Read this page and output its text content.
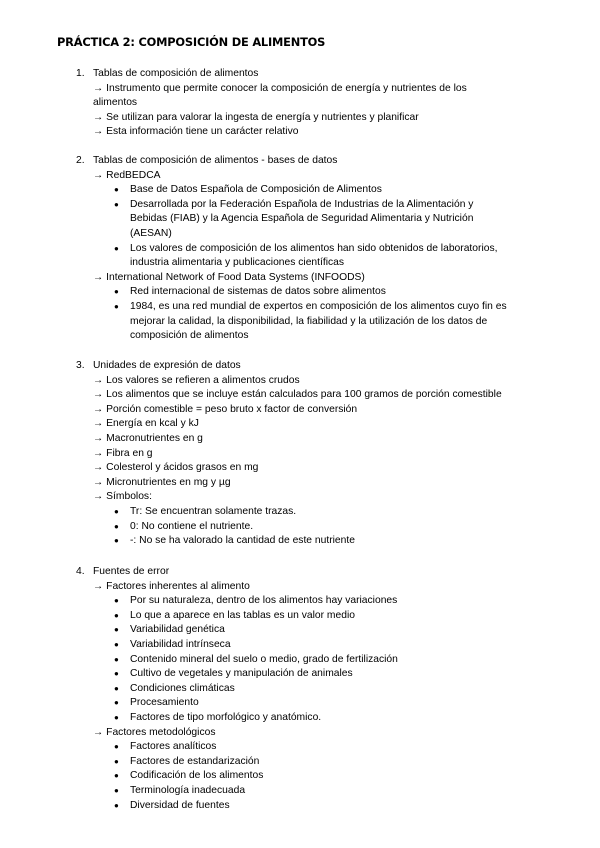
PRÁCTICA 2: COMPOSICIÓN DE ALIMENTOS
1. Tablas de composición de alimentos
→ Instrumento que permite conocer la composición de energía y nutrientes de los
alimentos
→ Se utilizan para valorar la ingesta de energía y nutrientes y planificar
→ Esta información tiene un carácter relativo
2. Tablas de composición de alimentos - bases de datos
→ RedBEDCA
● Base de Datos Española de Composición de Alimentos
● Desarrollada por la Federación Española de Industrias de la Alimentación y
Bebidas (FIAB) y la Agencia Española de Seguridad Alimentaria y Nutrición
(AESAN)
● Los valores de composición de los alimentos han sido obtenidos de laboratorios,
industria alimentaria y publicaciones científicas
→ International Network of Food Data Systems (INFOODS)
● Red internacional de sistemas de datos sobre alimentos
● 1984, es una red mundial de expertos en composición de los alimentos cuyo fin es
mejorar la calidad, la disponibilidad, la fiabilidad y la utilización de los datos de
composición de alimentos
3. Unidades de expresión de datos
→ Los valores se refieren a alimentos crudos
→ Los alimentos que se incluye están calculados para 100 gramos de porción comestible
→ Porción comestible = peso bruto x factor de conversión
→ Energía en kcal y kJ
→ Macronutrientes en g
→ Fibra en g
→ Colesterol y ácidos grasos en mg
→ Micronutrientes en mg y µg
→ Símbolos:
● Tr: Se encuentran solamente trazas.
● 0: No contiene el nutriente.
● -: No se ha valorado la cantidad de este nutriente
4. Fuentes de error
→ Factores inherentes al alimento
● Por su naturaleza, dentro de los alimentos hay variaciones
● Lo que a aparece en las tablas es un valor medio
● Variabilidad genética
● Variabilidad intrínseca
● Contenido mineral del suelo o medio, grado de fertilización
● Cultivo de vegetales y manipulación de animales
● Condiciones climáticas
● Procesamiento
● Factores de tipo morfológico y anatómico.
→ Factores metodológicos
● Factores analíticos
● Factores de estandarización
● Codificación de los alimentos
● Terminología inadecuada
● Diversidad de fuentes
